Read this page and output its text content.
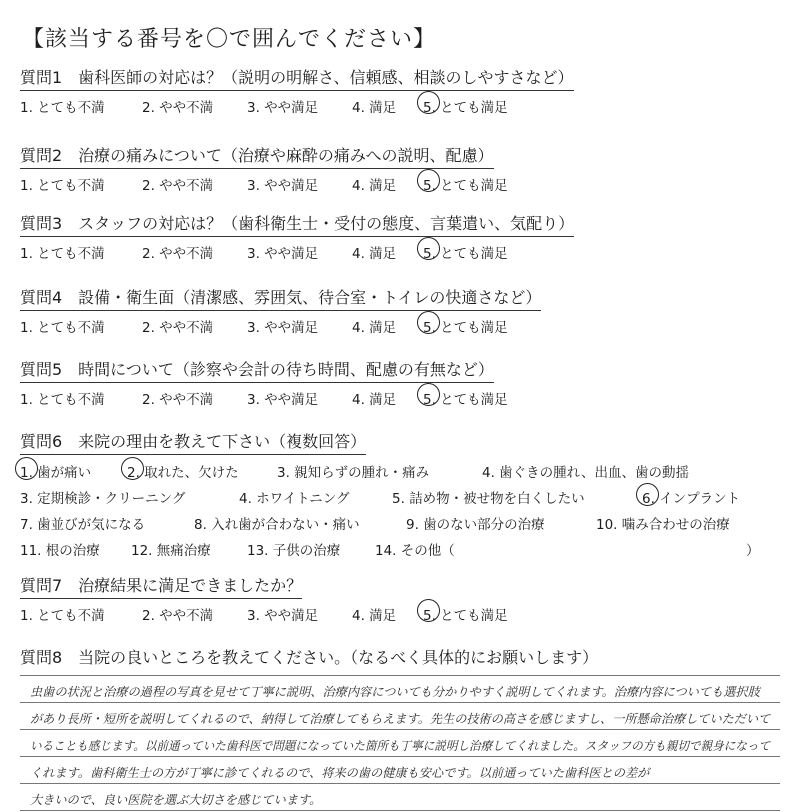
【該当する番号を〇で囲んでください】
質問1　歯科医師の対応は？（説明の明解さ、信頼感、相談のしやすさなど）
1. とても不満	2. やや不満	3. やや満足	4. 満足 5. とても満足
質問2　治療の痛みについて（治療や麻酔の痛みへの説明、配慮）
1. とても不満	2. やや不満	3. やや満足	4. 満足 5. とても満足
質問3　スタッフの対応は？（歯科衛生士・受付の態度、言葉遣い、気配り）
1. とても不満	2. やや不満	3. やや満足	4. 満足 5. とても満足
質問4　設備・衛生面（清潔感、雰囲気、待合室・トイレの快適さなど）
1. とても不満	2. やや不満	3. やや満足	4. 満足 5. とても満足
質問5　時間について（診察や会計の待ち時間、配慮の有無など）
1. とても不満	2. やや不満	3. やや満足	4. 満足 5. とても満足
質問6　来院の理由を教えて下さい（複数回答）
1. 歯が痛い	2. 取れた、欠けた	3. 親知らずの腫れ・痛み	4. 歯ぐきの腫れ、出血、歯の動揺
3. 定期検診・クリーニング	4. ホワイトニング	5. 詰め物・被せ物を白くしたい	6. インプラント
7. 歯並びが気になる	8. 入れ歯が合わない・痛い	9. 歯のない部分の治療	10. 噛み合わせの治療
11. 根の治療 12. 無痛治療	13. 子供の治療	14. その他（	）
質問7　治療結果に満足できましたか？
1. とても不満	2. やや不満	3. やや満足	4. 満足 5. とても満足
質問8　当院の良いところを教えてください。（なるべく具体的にお願いします）
虫歯の状況と治療の過程の写真を見せて丁寧に説明、治療内容についても分かりやすく説明してくれます。治療内容についても選択肢
があり長所・短所を説明してくれるので、納得して治療してもらえます。先生の技術の高さを感じますし、一所懸命治療していただいて
いることも感じます。以前通っていた歯科医で問題になっていた箇所も丁寧に説明し治療してくれました。スタッフの方も親切で親身になって
くれます。歯科衛生士の方が丁寧に診てくれるので、将来の歯の健康も安心です。以前通っていた歯科医との差が
大きいので、良い医院を選ぶ大切さを感じています。
